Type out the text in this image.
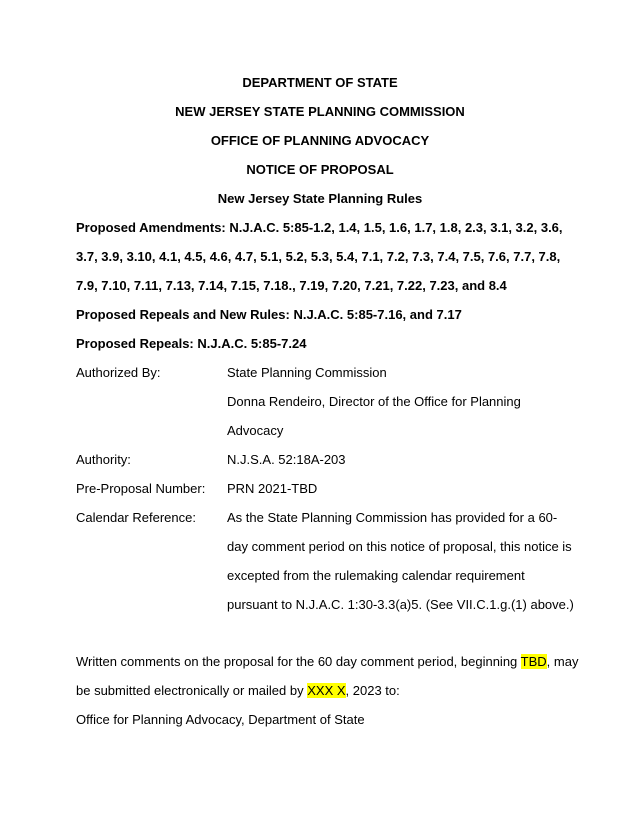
DEPARTMENT OF STATE
NEW JERSEY STATE PLANNING COMMISSION
OFFICE OF PLANNING ADVOCACY
NOTICE OF PROPOSAL
New Jersey State Planning Rules
Proposed Amendments: N.J.A.C. 5:85-1.2, 1.4, 1.5, 1.6, 1.7, 1.8, 2.3, 3.1, 3.2, 3.6,
3.7, 3.9, 3.10, 4.1, 4.5, 4.6, 4.7, 5.1, 5.2, 5.3, 5.4, 7.1, 7.2, 7.3, 7.4, 7.5, 7.6, 7.7, 7.8,
7.9, 7.10, 7.11, 7.13, 7.14, 7.15, 7.18., 7.19, 7.20, 7.21, 7.22, 7.23, and 8.4
Proposed Repeals and New Rules: N.J.A.C. 5:85-7.16, and 7.17
Proposed Repeals: N.J.A.C. 5:85-7.24
Authorized By:	State Planning Commission
Donna Rendeiro, Director of the Office for Planning
Advocacy
Authority:	N.J.S.A. 52:18A-203
Pre-Proposal Number: PRN 2021-TBD
Calendar Reference: As the State Planning Commission has provided for a 60-
day comment period on this notice of proposal, this notice is
excepted from the rulemaking calendar requirement
pursuant to N.J.A.C. 1:30-3.3(a)5. (See VII.C.1.g.(1) above.)
Written comments on the proposal for the 60 day comment period, beginning TBD, may
be submitted electronically or mailed by XXX X, 2023 to:
Office for Planning Advocacy, Department of State
